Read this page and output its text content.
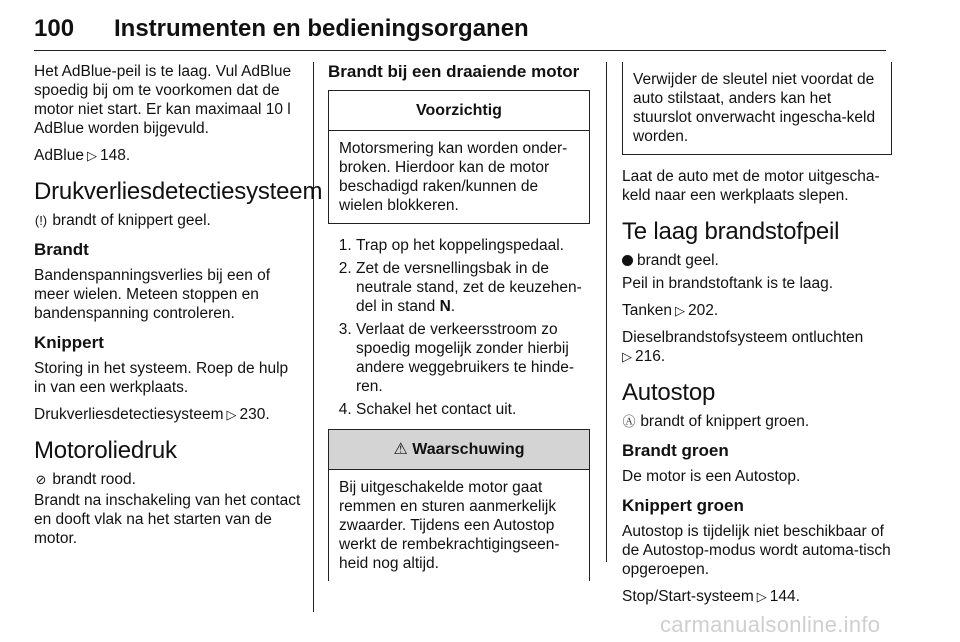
100 Instrumenten en bedieningsorganen

Het AdBlue-peil is te laag. Vul AdBlue spoedig bij om te voorkomen dat de motor niet start. Er kan maximaal 10 l AdBlue worden bijgevuld.

AdBlue ▷ 148.

Drukverliesdetectiesysteem

(!) brandt of knippert geel.

Brandt

Bandenspanningsverlies bij een of meer wielen. Meteen stoppen en bandenspanning controleren.

Knippert

Storing in het systeem. Roep de hulp in van een werkplaats.

Drukverliesdetectiesysteem ▷ 230.

Motoroliedruk

⊘ brandt rood.

Brandt na inschakeling van het contact en dooft vlak na het starten van de motor.

Brandt bij een draaiende motor
Voorzichtig
Motorsmering kan worden onder-broken. Hierdoor kan de motor beschadigd raken/kunnen de wielen blokkeren.
1. Trap op het koppelingspedaal.
2. Zet de versnellingsbak in de neutrale stand, zet de keuzehen-del in stand N.
3. Verlaat de verkeersstroom zo spoedig mogelijk zonder hierbij andere weggebruikers te hinde-ren.
4. Schakel het contact uit.
⚠ Waarschuwing
Bij uitgeschakelde motor gaat remmen en sturen aanmerkelijk zwaarder. Tijdens een Autostop werkt de rembekrachtigingseen-heid nog altijd.
Verwijder de sleutel niet voordat de auto stilstaat, anders kan het stuurslot onverwacht ingescha-keld worden.

Laat de auto met de motor uitgescha-keld naar een werkplaats slepen.

Te laag brandstofpeil

brandt geel.

Peil in brandstoftank is te laag.

Tanken ▷ 202.

Dieselbrandstofsysteem ontluchten
▷ 216.

Autostop

Ⓐ brandt of knippert groen.

Brandt groen

De motor is een Autostop.

Knippert groen

Autostop is tijdelijk niet beschikbaar of de Autostop-modus wordt automa-tisch opgeroepen.

Stop/Start-systeem ▷ 144.

carmanualsonline.info
